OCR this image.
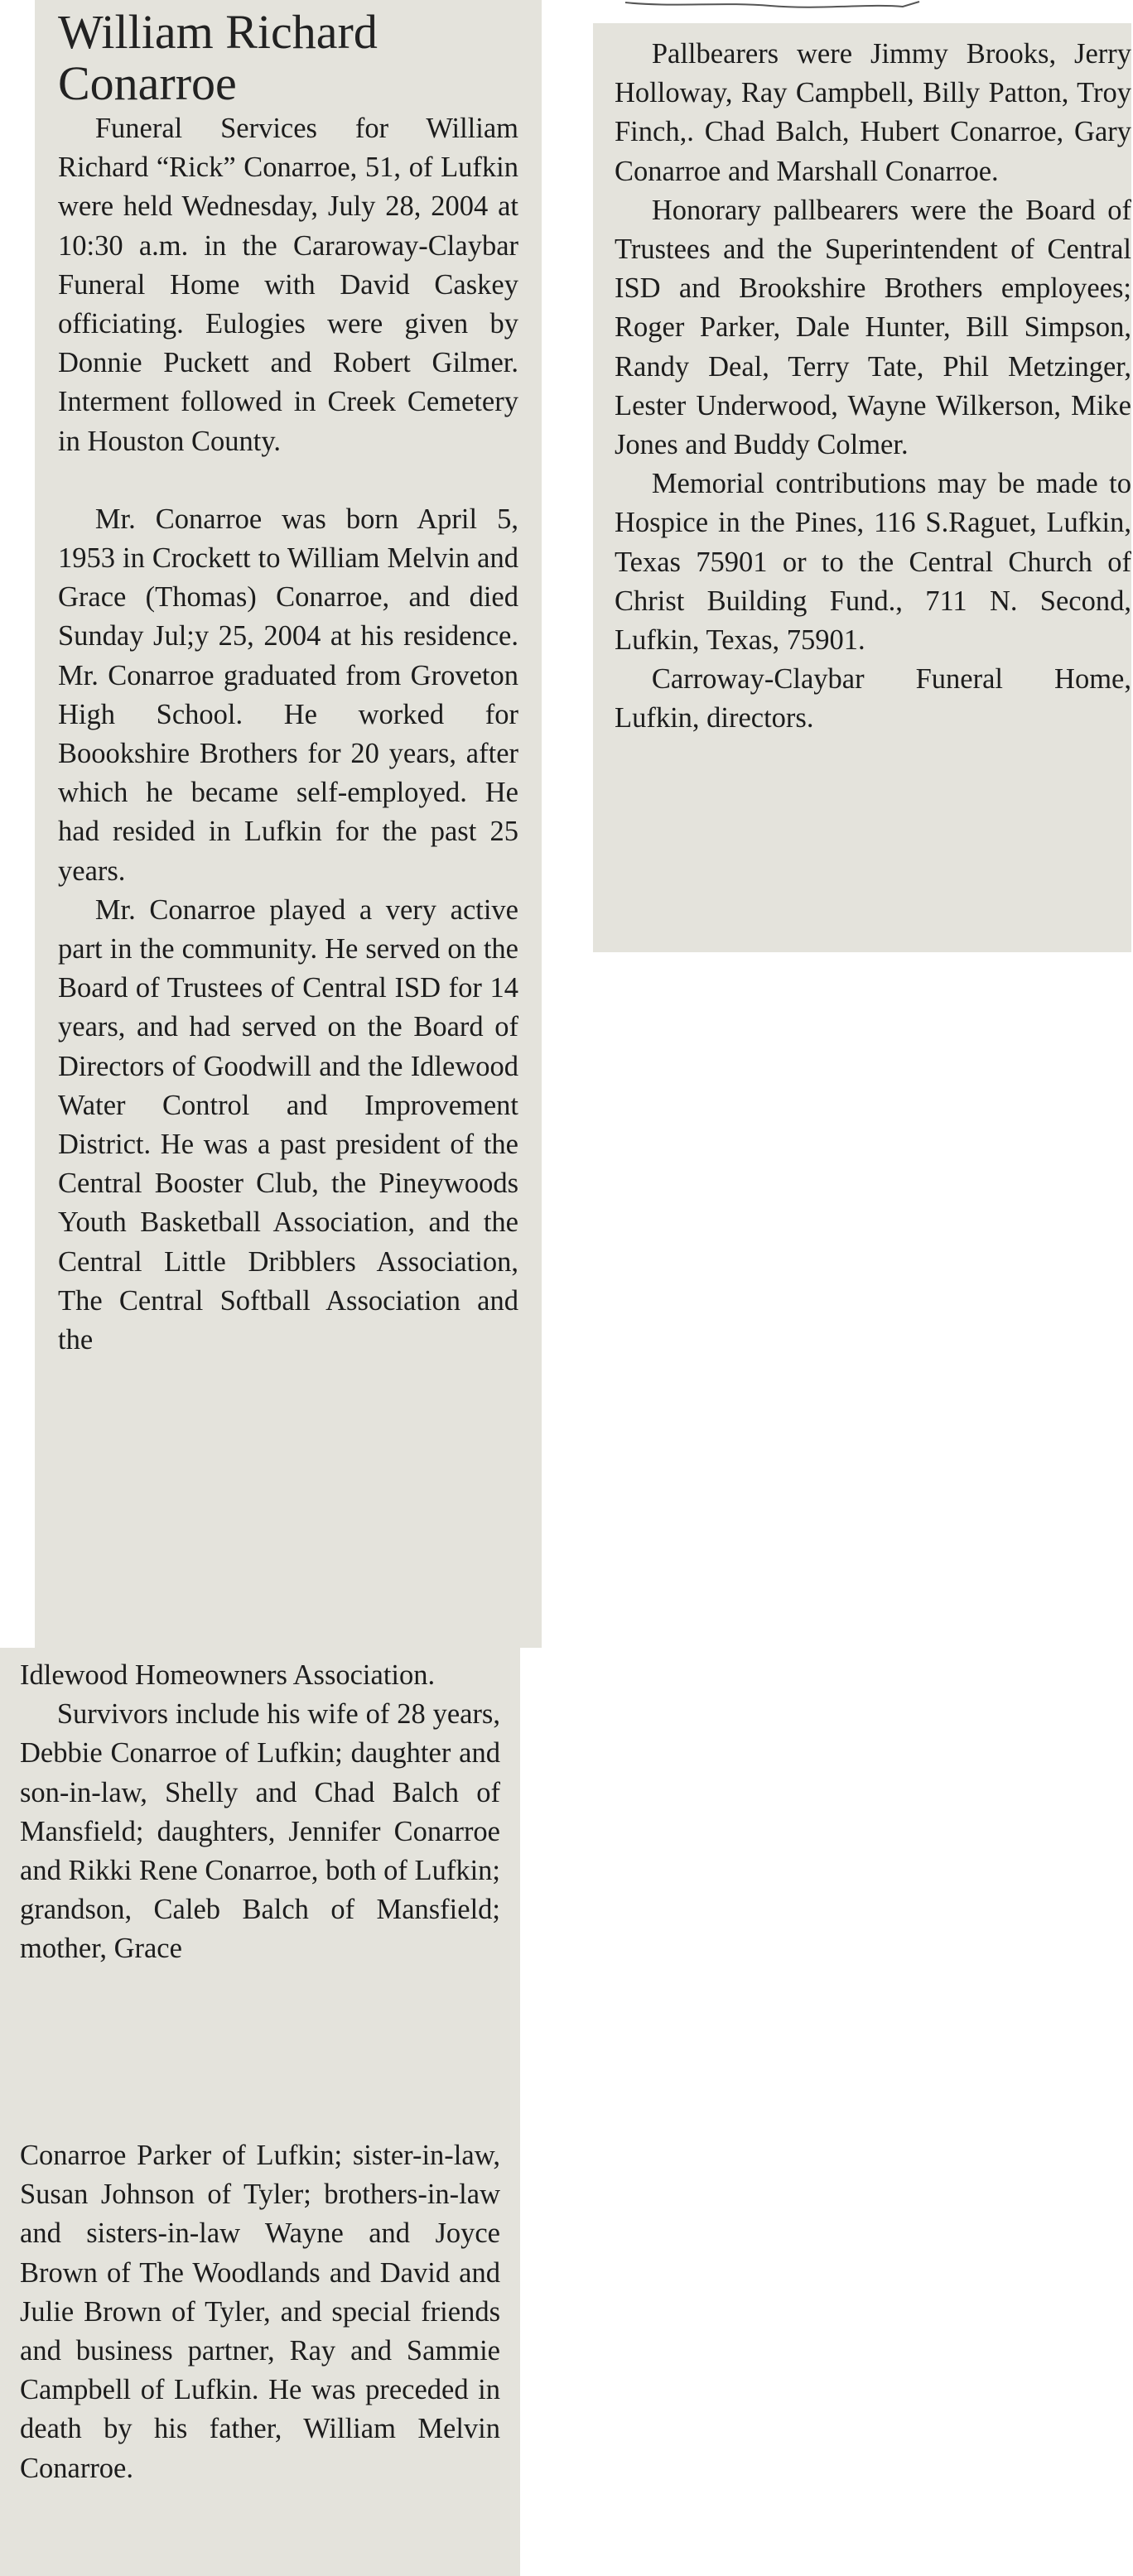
William Richard
Conarroe

Funeral Services for William Richard “Rick” Conarroe, 51, of Lufkin were held Wednesday, July 28, 2004 at 10:30 a.m. in the Cararoway-Claybar Funeral Home with David Caskey officiating. Eulogies were given by Donnie Puckett and Robert Gilmer. Interment followed in Creek Cemetery in Houston County.

Mr. Conarroe was born April 5, 1953 in Crockett to William Melvin and Grace (Thomas) Conarroe, and died Sunday Jul;y 25, 2004 at his residence. Mr. Conarroe graduated from Groveton High School. He worked for Boookshire Brothers for 20 years, after which he became self-employed. He had resided in Lufkin for the past 25 years.

Mr. Conarroe played a very active part in the community. He served on the Board of Trustees of Central ISD for 14 years, and had served on the Board of Directors of Goodwill and the Idlewood Water Control and Improvement District. He was a past president of the Central Booster Club, the Pineywoods Youth Basketball Association, and the Central Little Dribblers Association, The Central Softball Association and the

Idlewood Homeowners Association.

Survivors include his wife of 28 years, Debbie Conarroe of Lufkin; daughter and son-in-law, Shelly and Chad Balch of Mansfield; daughters, Jennifer Conarroe and Rikki Rene Conarroe, both of Lufkin; grandson, Caleb Balch of Mansfield; mother, Grace

Conarroe Parker of Lufkin; sister-in-law, Susan Johnson of Tyler; brothers-in-law and sisters-in-law Wayne and Joyce Brown of The Woodlands and David and Julie Brown of Tyler, and special friends and business partner, Ray and Sammie Campbell of Lufkin. He was preceded in death by his father, William Melvin Conarroe.

Pallbearers were Jimmy Brooks, Jerry Holloway, Ray Campbell, Billy Patton, Troy Finch,. Chad Balch, Hubert Conarroe, Gary Conarroe and Marshall Conarroe.

Honorary pallbearers were the Board of Trustees and the Superintendent of Central ISD and Brookshire Brothers employees; Roger Parker, Dale Hunter, Bill Simpson, Randy Deal, Terry Tate, Phil Metzinger, Lester Underwood, Wayne Wilkerson, Mike Jones and Buddy Colmer.

Memorial contributions may be made to Hospice in the Pines, 116 S.Raguet, Lufkin, Texas 75901 or to the Central Church of Christ Building Fund., 711 N. Second, Lufkin, Texas, 75901.

Carroway-Claybar Funeral Home, Lufkin, directors.
